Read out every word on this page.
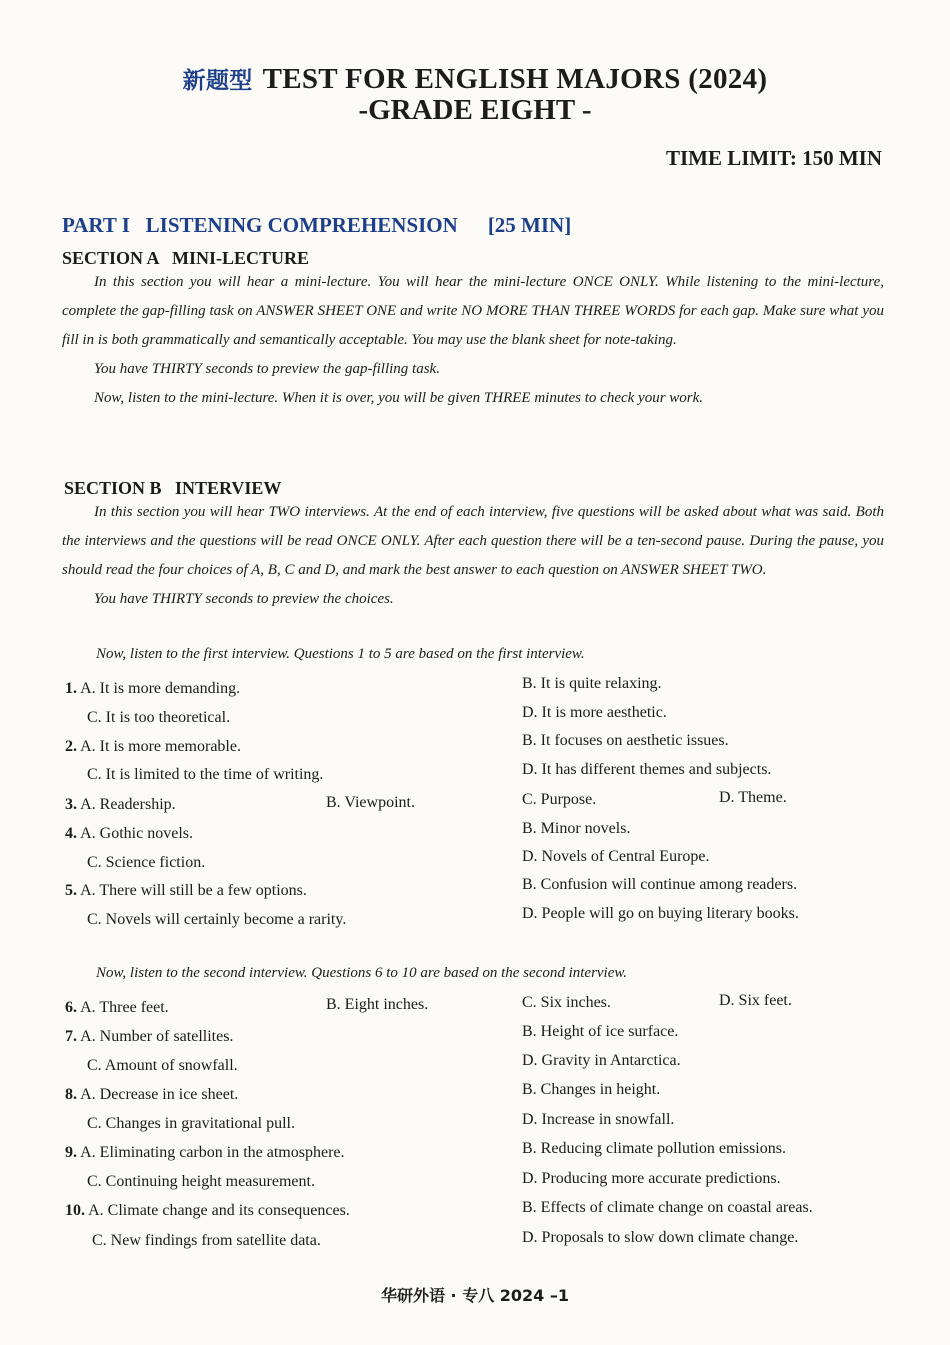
新题型 TEST FOR ENGLISH MAJORS (2024)
-GRADE EIGHT -
TIME LIMIT: 150 MIN
PART I   LISTENING COMPREHENSION [25 MIN]
SECTION A   MINI-LECTURE

In this section you will hear a mini-lecture. You will hear the mini-lecture ONCE ONLY. While listening to the mini-lecture, complete the gap-filling task on ANSWER SHEET ONE and write NO MORE THAN THREE WORDS for each gap. Make sure what you fill in is both grammatically and semantically acceptable. You may use the blank sheet for note-taking.

You have THIRTY seconds to preview the gap-filling task.

Now, listen to the mini-lecture. When it is over, you will be given THREE minutes to check your work.

SECTION B   INTERVIEW

In this section you will hear TWO interviews. At the end of each interview, five questions will be asked about what was said. Both the interviews and the questions will be read ONCE ONLY. After each question there will be a ten-second pause. During the pause, you should read the four choices of A, B, C and D, and mark the best answer to each question on ANSWER SHEET TWO.

You have THIRTY seconds to preview the choices.

Now, listen to the first interview. Questions 1 to 5 are based on the first interview.
1. A. It is more demanding.	B. It is quite relaxing.
C. It is too theoretical.	D. It is more aesthetic.
2. A. It is more memorable.	B. It focuses on aesthetic issues.
C. It is limited to the time of writing.	D. It has different themes and subjects.
3. A. Readership.	B. Viewpoint.	C. Purpose.	D. Theme.
4. A. Gothic novels.	B. Minor novels.
C. Science fiction.	D. Novels of Central Europe.
5. A. There will still be a few options.	B. Confusion will continue among readers.
C. Novels will certainly become a rarity.	D. People will go on buying literary books.
Now, listen to the second interview. Questions 6 to 10 are based on the second interview.
6. A. Three feet.	B. Eight inches.	C. Six inches.	D. Six feet.
7. A. Number of satellites.	B. Height of ice surface.
C. Amount of snowfall.	D. Gravity in Antarctica.
8. A. Decrease in ice sheet.	B. Changes in height.
C. Changes in gravitational pull.	D. Increase in snowfall.
9. A. Eliminating carbon in the atmosphere.	B. Reducing climate pollution emissions.
C. Continuing height measurement.	D. Producing more accurate predictions.
10. A. Climate change and its consequences.	B. Effects of climate change on coastal areas.
C. New findings from satellite data.	D. Proposals to slow down climate change.
华研外语 · 专八 2024 –1
